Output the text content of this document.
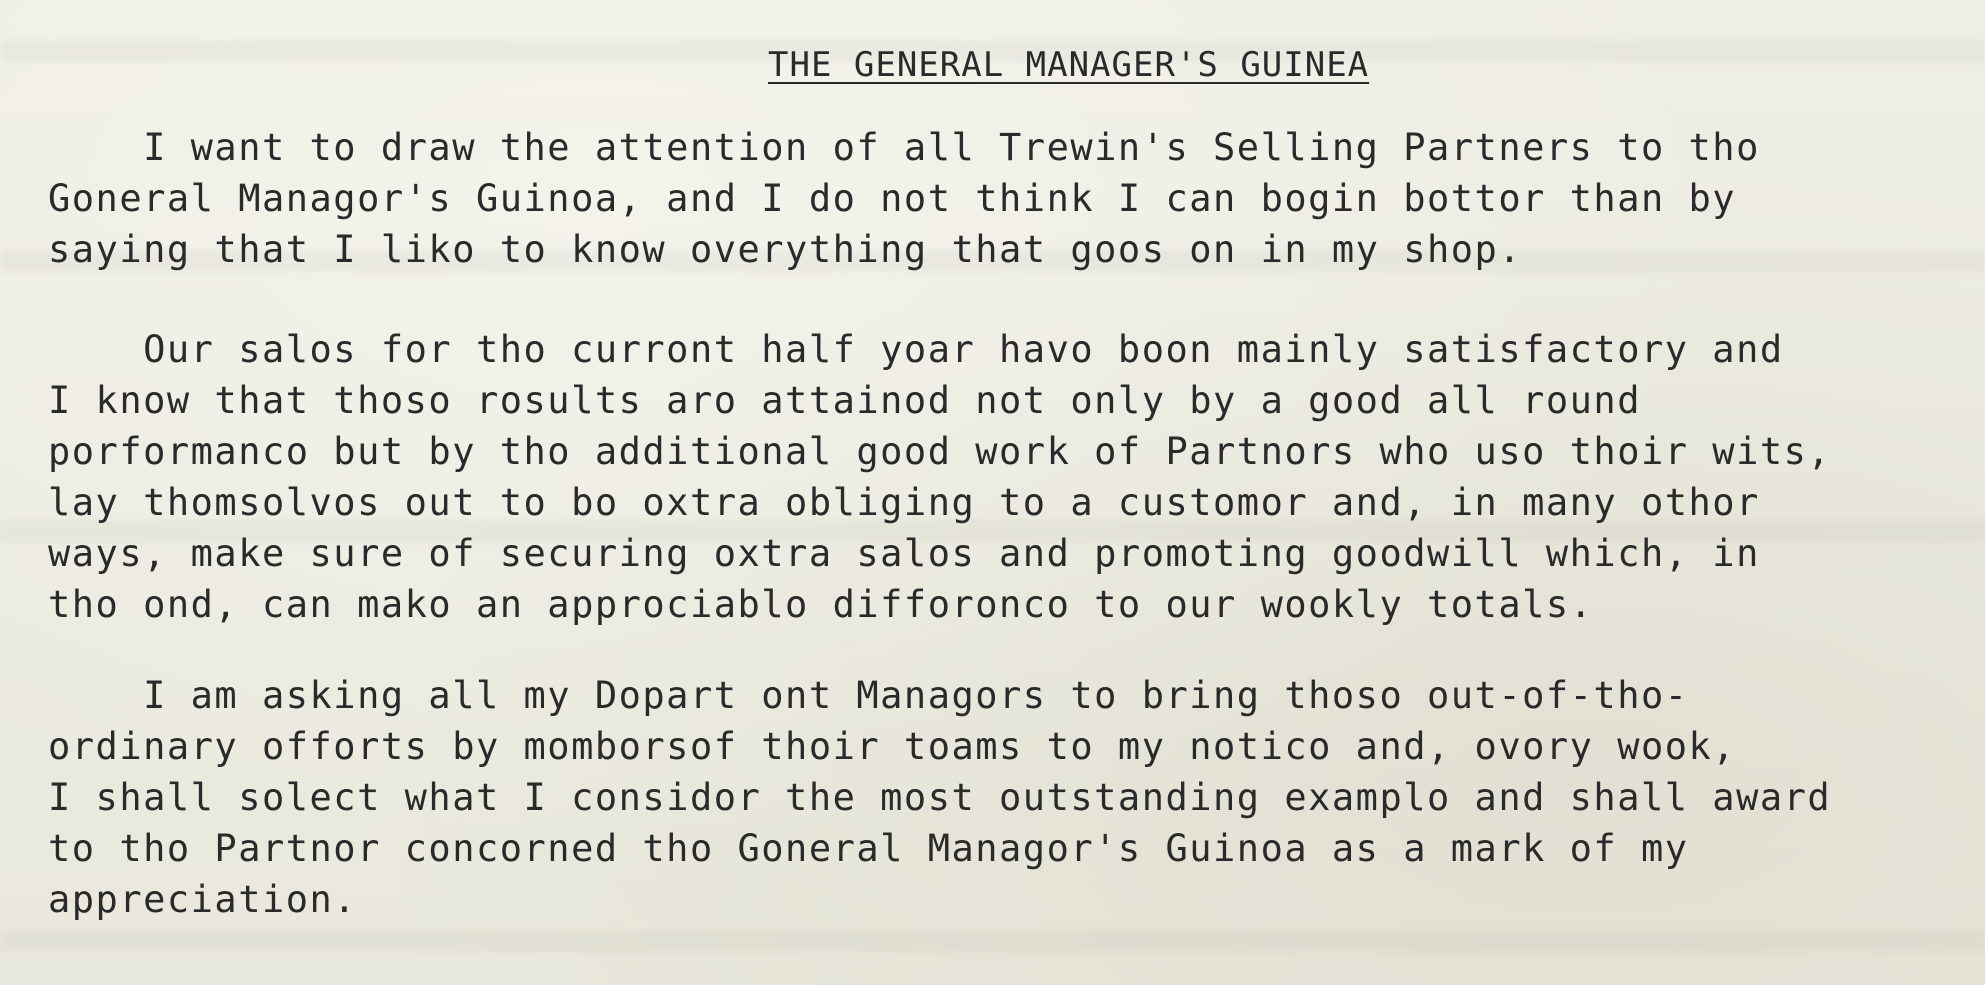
THE GENERAL MANAGER'S GUINEA
I want to draw the attention of all Trewin's Selling Partners to tho
Goneral Managor's Guinoa, and I do not think I can bogin bottor than by
saying that I liko to know overything that goos on in my shop.
Our salos for tho curront half yoar havo boon mainly satisfactory and
I know that thoso rosults aro attainod not only by a good all round
porformanco but by tho additional good work of Partnors who uso thoir wits,
lay thomsolvos out to bo oxtra obliging to a customor and, in many othor
ways, make sure of securing oxtra salos and promoting goodwill which, in
tho ond, can mako an approciablo difforonco to our wookly totals.
I am asking all my Dopart ont Managors to bring thoso out-of-tho-
ordinary offorts by momborsof thoir toams to my notico and, ovory wook,
I shall solect what I considor the most outstanding examplo and shall award
to tho Partnor concorned tho Goneral Managor's Guinoa as a mark of my
appreciation.
